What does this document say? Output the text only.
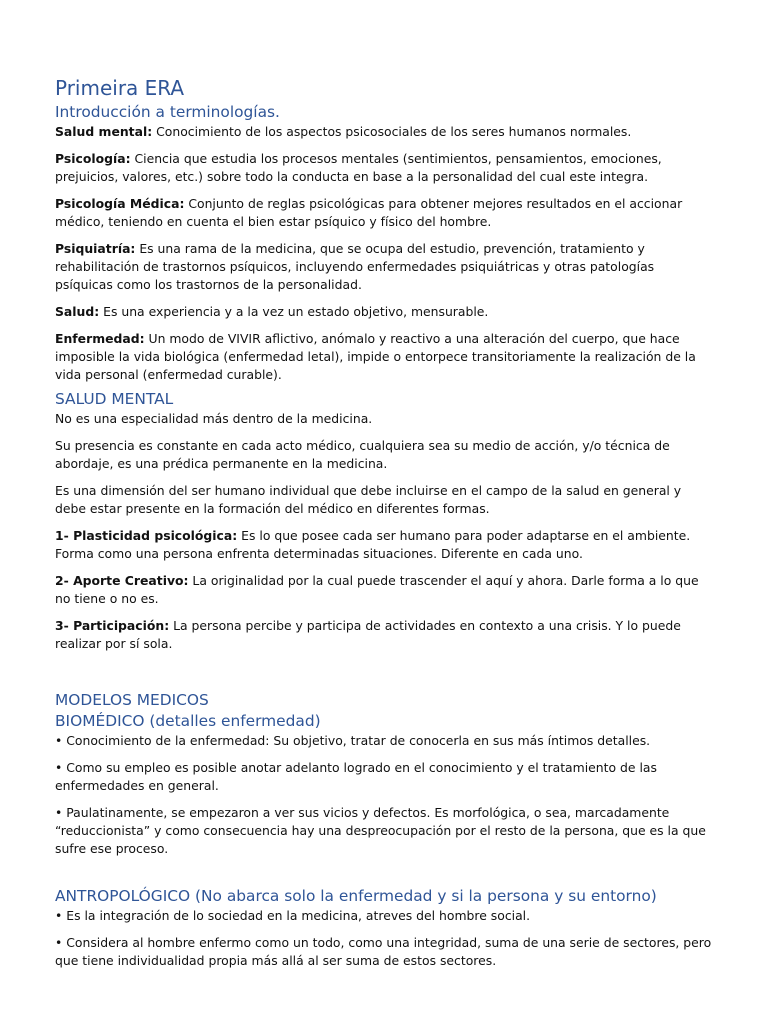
Primeira ERA
Introducción a terminologías.

Salud mental: Conocimiento de los aspectos psicosociales de los seres humanos normales.

Psicología: Ciencia que estudia los procesos mentales (sentimientos, pensamientos, emociones, prejuicios, valores, etc.) sobre todo la conducta en base a la personalidad del cual este integra.

Psicología Médica: Conjunto de reglas psicológicas para obtener mejores resultados en el accionar médico, teniendo en cuenta el bien estar psíquico y físico del hombre.

Psiquiatría: Es una rama de la medicina, que se ocupa del estudio, prevención, tratamiento y rehabilitación de trastornos psíquicos, incluyendo enfermedades psiquiátricas y otras patologías psíquicas como los trastornos de la personalidad.

Salud: Es una experiencia y a la vez un estado objetivo, mensurable.

Enfermedad: Un modo de VIVIR aflictivo, anómalo y reactivo a una alteración del cuerpo, que hace imposible la vida biológica (enfermedad letal), impide o entorpece transitoriamente la realización de la vida personal (enfermedad curable).

SALUD MENTAL

No es una especialidad más dentro de la medicina.

Su presencia es constante en cada acto médico, cualquiera sea su medio de acción, y/o técnica de abordaje, es una prédica permanente en la medicina.

Es una dimensión del ser humano individual que debe incluirse en el campo de la salud en general y debe estar presente en la formación del médico en diferentes formas.

1- Plasticidad psicológica: Es lo que posee cada ser humano para poder adaptarse en el ambiente. Forma como una persona enfrenta determinadas situaciones. Diferente en cada uno.

2- Aporte Creativo: La originalidad por la cual puede trascender el aquí y ahora. Darle forma a lo que no tiene o no es.

3- Participación: La persona percibe y participa de actividades en contexto a una crisis. Y lo puede realizar por sí sola.

MODELOS MEDICOS
BIOMÉDICO (detalles enfermedad)

• Conocimiento de la enfermedad: Su objetivo, tratar de conocerla en sus más íntimos detalles.

• Como su empleo es posible anotar adelanto logrado en el conocimiento y el tratamiento de las enfermedades en general.

• Paulatinamente, se empezaron a ver sus vicios y defectos. Es morfológica, o sea, marcadamente “reduccionista” y como consecuencia hay una despreocupación por el resto de la persona, que es la que sufre ese proceso.

ANTROPOLÓGICO (No abarca solo la enfermedad y si la persona y su entorno)

• Es la integración de lo sociedad en la medicina, atreves del hombre social.

• Considera al hombre enfermo como un todo, como una integridad, suma de una serie de sectores, pero que tiene individualidad propia más allá al ser suma de estos sectores.
